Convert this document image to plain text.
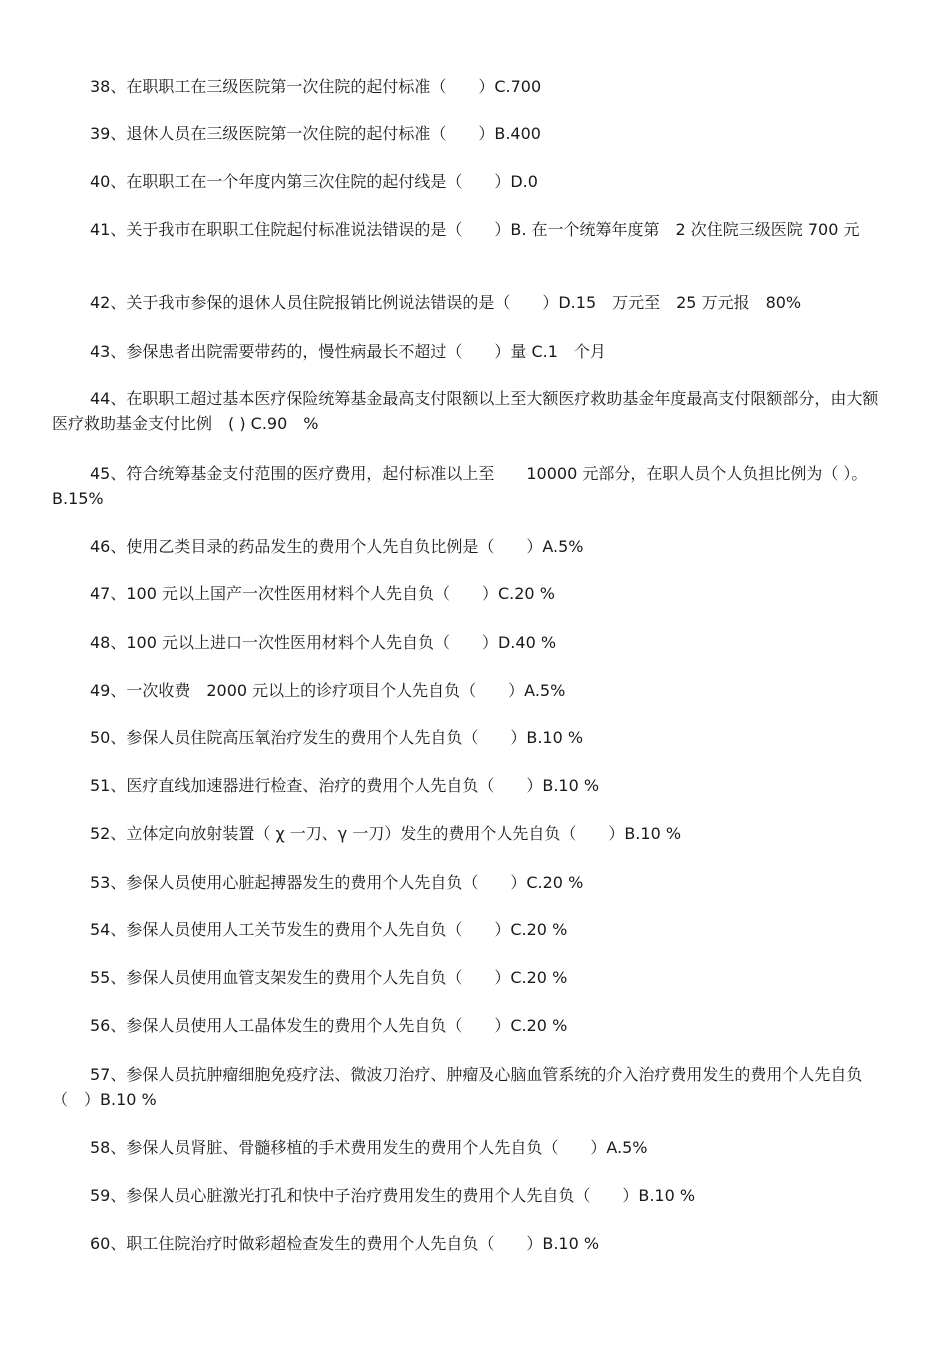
38、在职职工在三级医院第一次住院的起付标准（　　）C.700

39、退休人员在三级医院第一次住院的起付标准（　　）B.400

40、在职职工在一个年度内第三次住院的起付线是（　　）D.0

41、关于我市在职职工住院起付标准说法错误的是（　　）B. 在一个统筹年度第　2 次住院三级医院 700 元

42、关于我市参保的退休人员住院报销比例说法错误的是（　　）D.15　万元至　25 万元报　80%

43、参保患者出院需要带药的，慢性病最长不超过（　　）量 C.1　个月

44、在职职工超过基本医疗保险统筹基金最高支付限额以上至大额医疗救助基金年度最高支付限额部分，由大额医疗救助基金支付比例　( ) C.90　%

45、符合统筹基金支付范围的医疗费用，起付标准以上至　　10000 元部分，在职人员个人负担比例为（ ）。B.15%

46、使用乙类目录的药品发生的费用个人先自负比例是（　　）A.5%

47、100 元以上国产一次性医用材料个人先自负（　　）C.20 %

48、100 元以上进口一次性医用材料个人先自负（　　）D.40 %

49、一次收费　2000 元以上的诊疗项目个人先自负（　　）A.5%

50、参保人员住院高压氧治疗发生的费用个人先自负（　　）B.10 %

51、医疗直线加速器进行检查、治疗的费用个人先自负（　　）B.10 %

52、立体定向放射装置（ χ 一刀、γ 一刀）发生的费用个人先自负（　　）B.10 %

53、参保人员使用心脏起搏器发生的费用个人先自负（　　）C.20 %

54、参保人员使用人工关节发生的费用个人先自负（　　）C.20 %

55、参保人员使用血管支架发生的费用个人先自负（　　）C.20 %

56、参保人员使用人工晶体发生的费用个人先自负（　　）C.20 %

57、参保人员抗肿瘤细胞免疫疗法、微波刀治疗、肿瘤及心脑血管系统的介入治疗费用发生的费用个人先自负（　）B.10 %

58、参保人员肾脏、骨髓移植的手术费用发生的费用个人先自负（　　）A.5%

59、参保人员心脏激光打孔和快中子治疗费用发生的费用个人先自负（　　）B.10 %

60、职工住院治疗时做彩超检查发生的费用个人先自负（　　）B.10 %
